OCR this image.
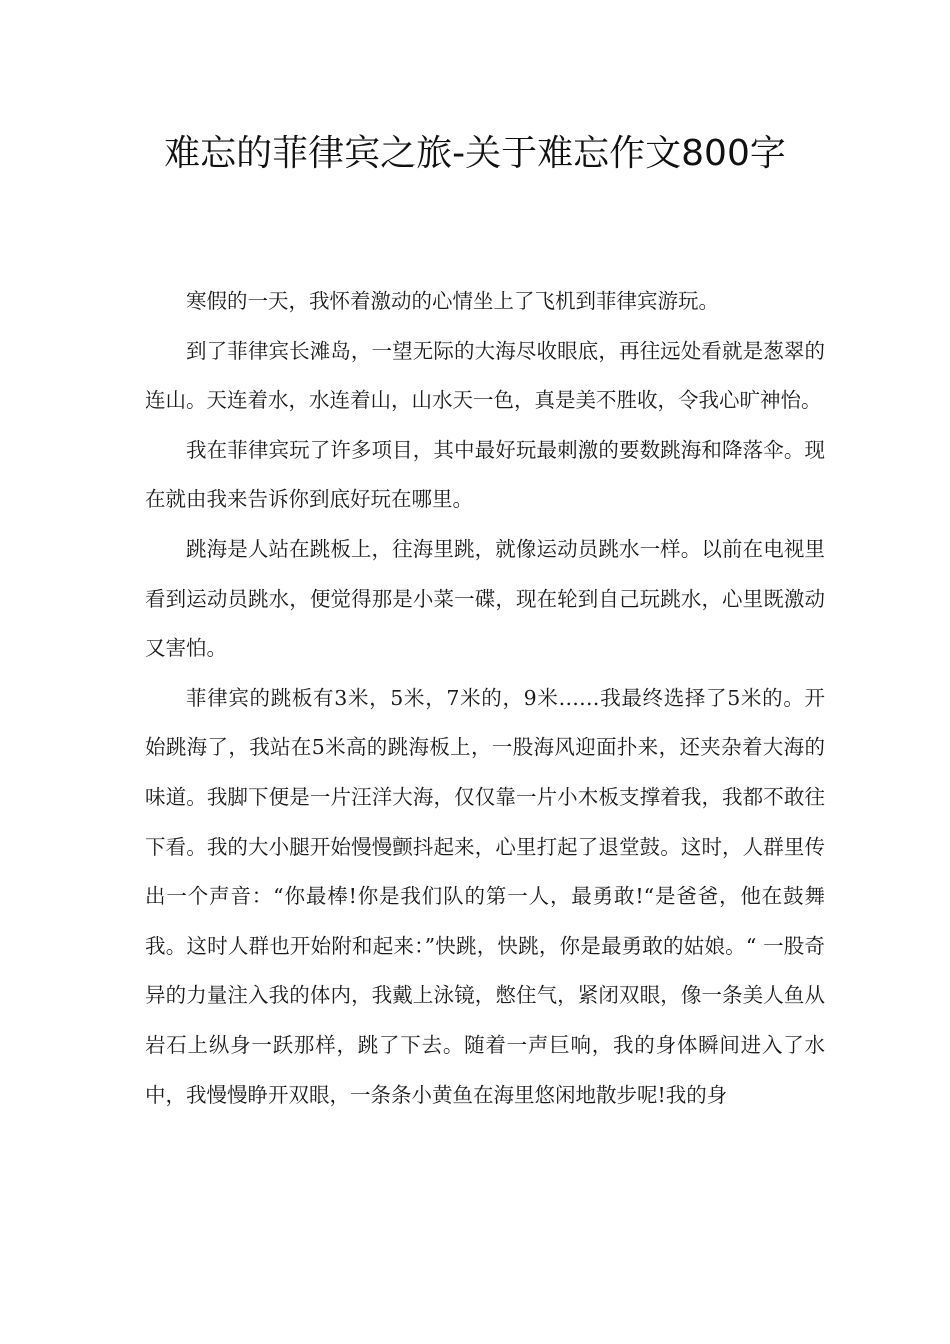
难忘的菲律宾之旅-关于难忘作文800字

寒假的一天，我怀着激动的心情坐上了飞机到菲律宾游玩。

到了菲律宾长滩岛，一望无际的大海尽收眼底，再往远处看就是葱翠的连山。天连着水，水连着山，山水天一色，真是美不胜收，令我心旷神怡。

我在菲律宾玩了许多项目，其中最好玩最刺激的要数跳海和降落伞。现在就由我来告诉你到底好玩在哪里。

跳海是人站在跳板上，往海里跳，就像运动员跳水一样。以前在电视里看到运动员跳水，便觉得那是小菜一碟，现在轮到自己玩跳水，心里既激动又害怕。

菲律宾的跳板有3米，5米，7米的，9米……我最终选择了5米的。开始跳海了，我站在5米高的跳海板上，一股海风迎面扑来，还夹杂着大海的味道。我脚下便是一片汪洋大海，仅仅靠一片小木板支撑着我，我都不敢往下看。我的大小腿开始慢慢颤抖起来，心里打起了退堂鼓。这时，人群里传出一个声音：“你最棒!你是我们队的第一人，最勇敢!“是爸爸，他在鼓舞我。这时人群也开始附和起来：”快跳，快跳，你是最勇敢的姑娘。“ 一股奇异的力量注入我的体内，我戴上泳镜，憋住气，紧闭双眼，像一条美人鱼从岩石上纵身一跃那样，跳了下去。随着一声巨响，我的身体瞬间进入了水中，我慢慢睁开双眼，一条条小黄鱼在海里悠闲地散步呢!我的身
